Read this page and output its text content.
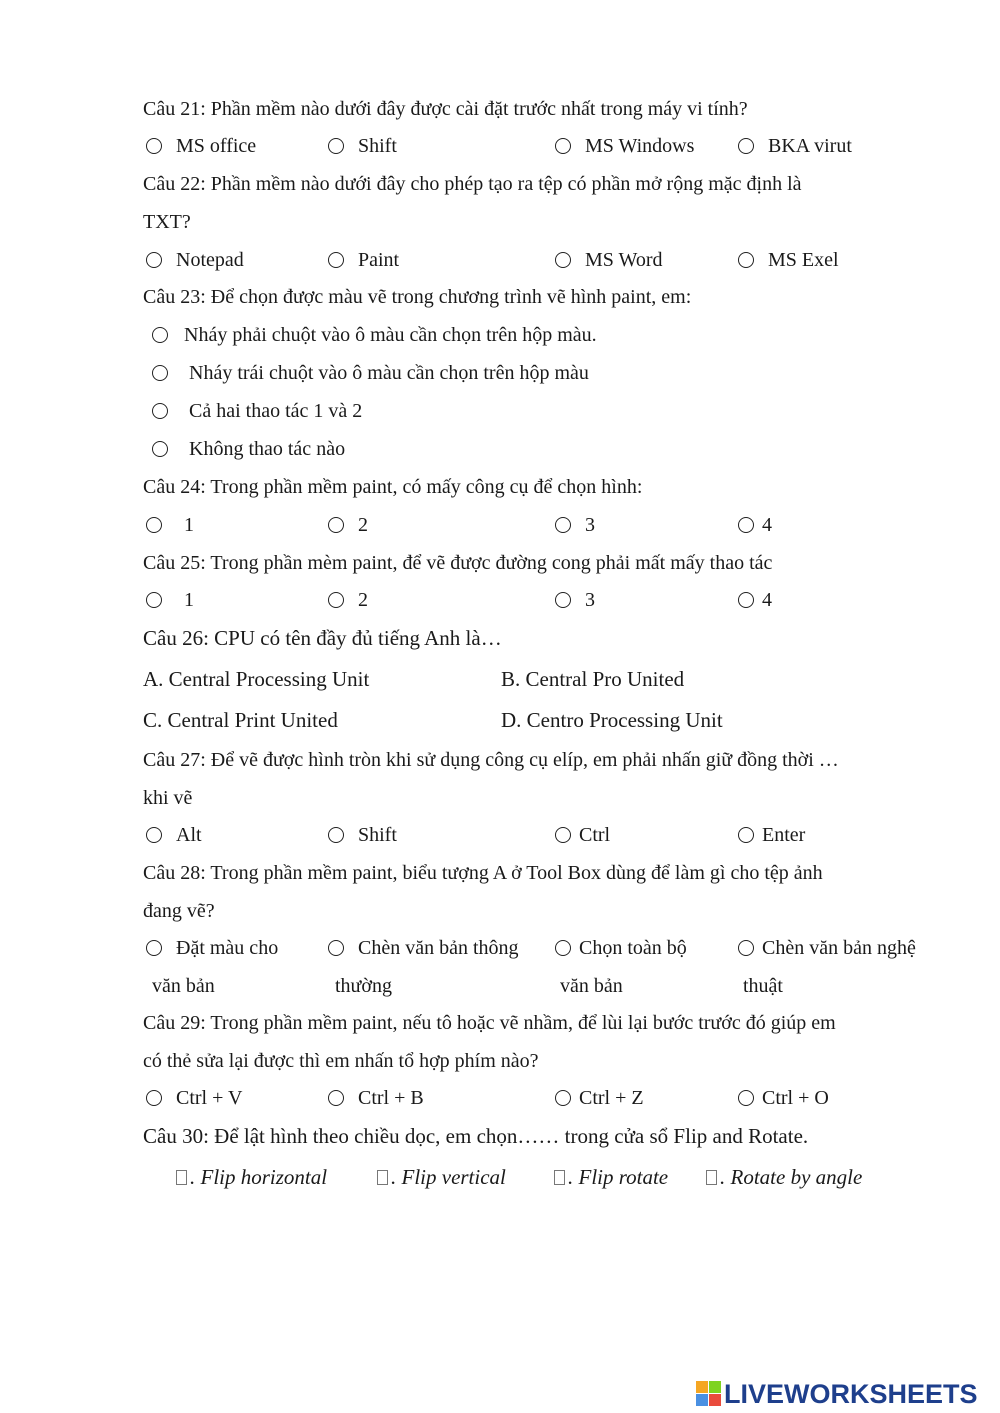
Câu 21: Phần mềm nào dưới đây được cài đặt trước nhất trong máy vi tính?
MS office	Shift	MS Windows	BKA virut
Câu 22: Phần mềm nào dưới đây cho phép tạo ra tệp có phần mở rộng mặc định là
TXT?
Notepad	Paint	MS Word	MS Exel
Câu 23: Để chọn được màu vẽ trong chương trình vẽ hình paint, em:
Nháy phải chuột vào ô màu cần chọn trên hộp màu.
Nháy trái chuột vào ô màu cần chọn trên hộp màu
Cả hai thao tác 1 và 2
Không thao tác nào
Câu 24: Trong phần mềm paint, có mấy công cụ để chọn hình:
1	2	3	4
Câu 25: Trong phần mèm paint, để vẽ được đường cong phải mất mấy thao tác
1	2	3	4
Câu 26: CPU có tên đầy đủ tiếng Anh là…
A. Central Processing Unit	B. Central Pro United
C. Central Print United	D. Centro Processing Unit
Câu 27: Để vẽ được hình tròn khi sử dụng công cụ elíp, em phải nhấn giữ đồng thời …
khi vẽ
Alt	Shift	Ctrl	Enter
Câu 28: Trong phần mềm paint, biểu tượng A ở Tool Box dùng để làm gì cho tệp ảnh
đang vẽ?
Đặt màu cho	Chèn văn bản thông	Chọn toàn bộ	Chèn văn bản nghệ
văn bản	thường	văn bản	thuật
Câu 29: Trong phần mềm paint, nếu tô hoặc vẽ nhầm, để lùi lại bước trước đó giúp em
có thẻ sửa lại được thì em nhấn tổ hợp phím nào?
Ctrl + V	Ctrl + B	Ctrl + Z	Ctrl + O
Câu 30: Để lật hình theo chiều dọc, em chọn…… trong cửa sổ Flip and Rotate.
. Flip horizontal	. Flip vertical	. Flip rotate . Rotate by angle
LIVEWORKSHEETS
